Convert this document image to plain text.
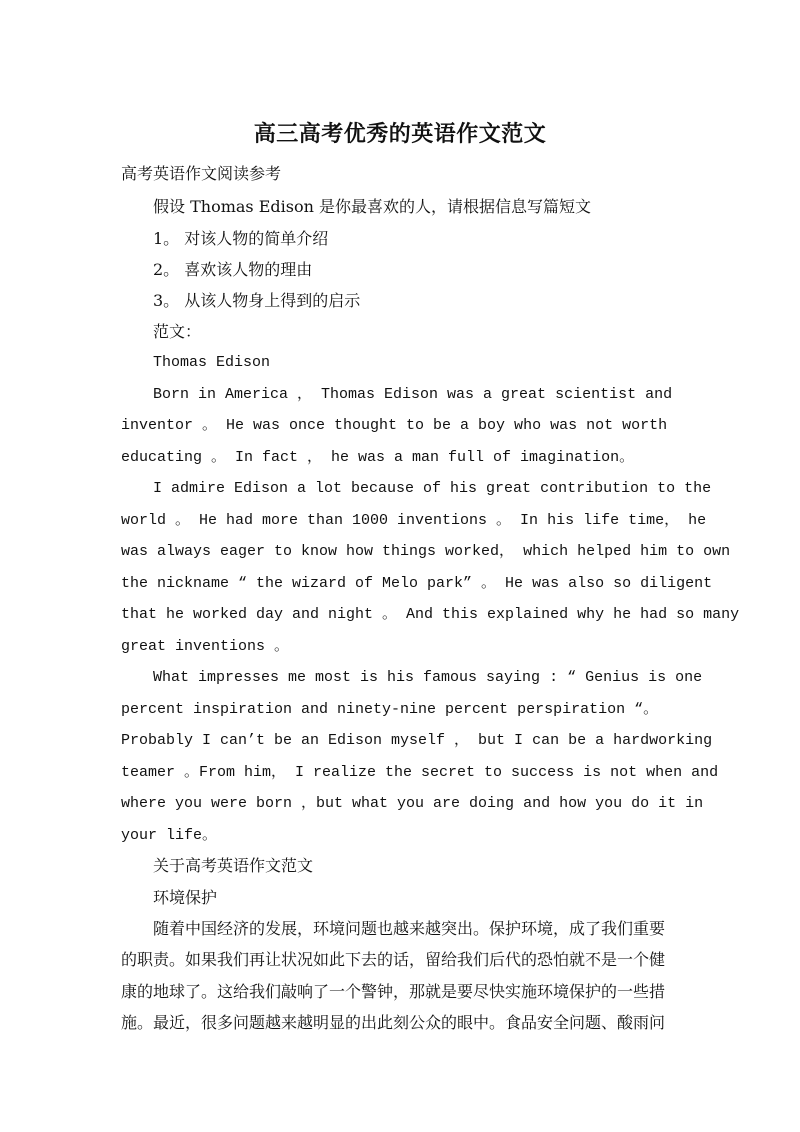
高三高考优秀的英语作文范文
高考英语作文阅读参考
假设 Thomas Edison 是你最喜欢的人，请根据信息写篇短文
1。 对该人物的简单介绍
2。 喜欢该人物的理由
3。 从该人物身上得到的启示
范文：
Thomas Edison
Born in America ， Thomas Edison was a great scientist and
inventor 。 He was once thought to be a boy who was not worth
educating 。 In fact ， he was a man full of imagination。
I admire Edison a lot because of his great contribution to the
world 。 He had more than 1000 inventions 。 In his life time， he
was always eager to know how things worked， which helped him to own
the nickname “ the wizard of Melo park” 。 He was also so diligent
that he worked day and night 。 And this explained why he had so many
great inventions 。
What impresses me most is his famous saying : “ Genius is one
percent inspiration and ninety-nine percent perspiration “。
Probably I can’t be an Edison myself ， but I can be a hardworking
teamer 。From him， I realize the secret to success is not when and
where you were born ，but what you are doing and how you do it in
your life。
关于高考英语作文范文
环境保护
随着中国经济的发展，环境问题也越来越突出。保护环境，成了我们重要
的职责。如果我们再让状况如此下去的话，留给我们后代的恐怕就不是一个健
康的地球了。这给我们敲响了一个警钟，那就是要尽快实施环境保护的一些措
施。最近，很多问题越来越明显的出此刻公众的眼中。食品安全问题、酸雨问
